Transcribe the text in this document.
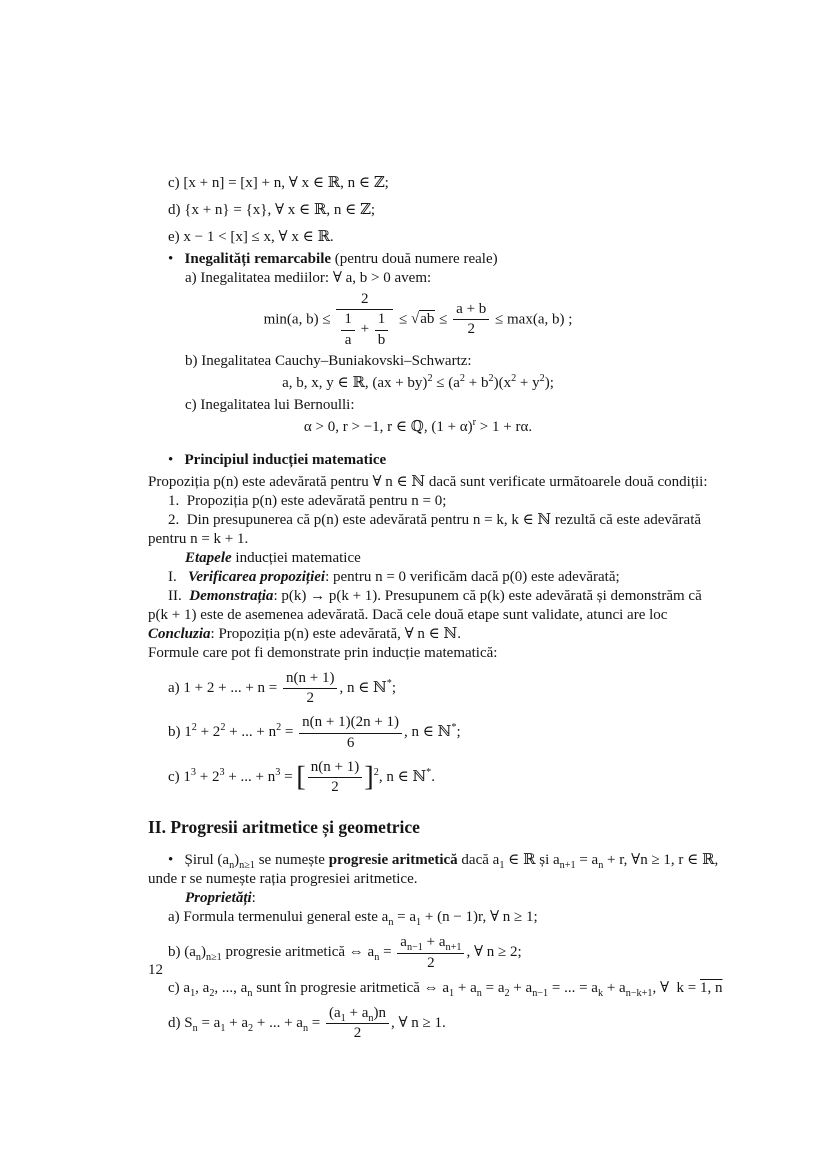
c) [x + n] = [x] + n, ∀ x ∈ ℝ, n ∈ ℤ;
d) {x + n} = {x}, ∀ x ∈ ℝ, n ∈ ℤ;
e) x − 1 < [x] ≤ x, ∀ x ∈ ℝ.
•   Inegalități remarcabile (pentru două numere reale)
a) Inegalitatea mediilor: ∀ a, b > 0 avem:
min(a, $b) \le \frac{2}{\frac{1}{a} + \frac{1}{b}} \le √ab \le \frac{a + b}{2} \le \max(a$, b) ;
b) Inegalitatea Cauchy–Buniakovski–Schwartz:
a, b, x, y ∈ ℝ, $(ax + by)^2 \le (a^2 + b^2)(x^2 + y^2)$;
c) Inegalitatea lui Bernoulli:
α > 0, r > −1, r ∈ ℚ, $(1 + \alpha)^r > 1 + r\alpha$.
•   Principiul inducției matematice
Propoziția p(n) este adevărată pentru ∀ n ∈ ℕ dacă sunt verificate următoarele două condiții:
1.  Propoziția p(n) este adevărată pentru n = 0;
2.  Din presupunerea că p(n) este adevărată pentru n = k, k ∈ ℕ rezultă că este adevărată
pentru n = k + 1.
Etapele inducției matematice
I.   Verificarea propoziției: pentru n = 0 verificăm dacă p(0) este adevărată;
II.  Demonstrația: p(k) → p(k + 1). Presupunem că p(k) este adevărată și demonstrăm că
p(k + 1) este de asemenea adevărată. Dacă cele două etape sunt validate, atunci are loc
Concluzia: Propoziția p(n) este adevărată, ∀ n ∈ ℕ.
Formule care pot fi demonstrate prin inducție matematică:
a) 1 + 2 + ... + $n = \frac{n(n + 1)}{2}$ , n ∈ ℕ*;
b) $1^2 + 2^2$ + ... + $n^2 = \frac{n(n + 1)(2n + 1)}{6}$ , n ∈ ℕ*;
c) $1^3 + 2^3$ + ... + $n^3$ = [ $\frac{n(n + 1)}{2} ]^2$, n ∈ ℕ*.
II. Progresii aritmetice și geometrice
•   Șirul $(a_n)_{n\ge 1}$ se numește progresie aritmetică dacă $a_1$ ∈ ℝ și $a_{n+1} = a_n + r$, ∀n ≥ 1, r ∈ ℝ,
unde r se numește rația progresiei aritmetice.
Proprietăți:
a) Formula termenului general este $a_n = a_1 + (n - 1)r$, ∀ n ≥ 1;
b) $(a_n)_{n\ge 1}$ progresie aritmetică ⇔ $a_n = \frac{a_{n-1} + a_{n+1}}{2}$ , ∀ n ≥ 2;
c) $a_1$, $a_2$, ..., $a_n$ sunt în progresie aritmetică ⇔ $a_1 + a_n = a_2 + a_{n-1}$ = ... = $a_k + a_{n-k+1}$, ∀  k = 1, n
d) $S_n = a_1 + a_2$ + ... + $a_n = \frac{(a_1 + a_n)n}{2}$ , ∀ n ≥ 1.
12
